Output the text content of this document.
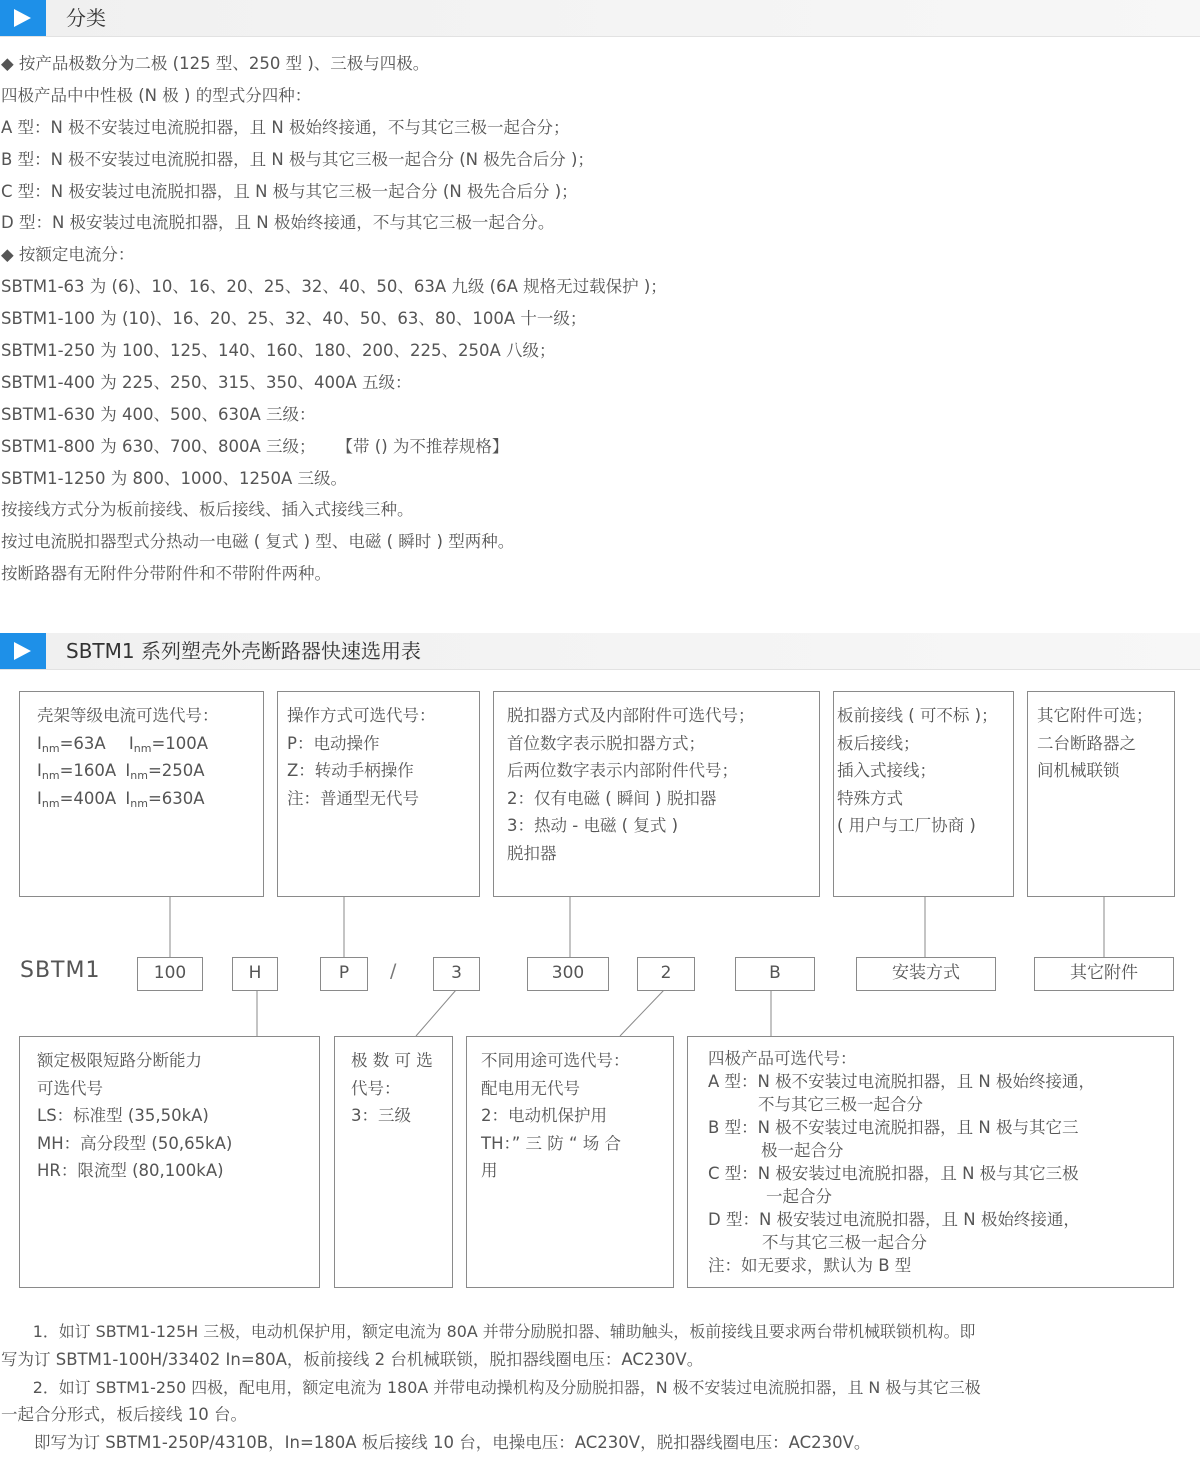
分类
◆ 按产品极数分为二极 (125 型、250 型 )、三极与四极。
四极产品中中性极 (N 极 ) 的型式分四种：
A 型：N 极不安装过电流脱扣器，且 N 极始终接通，不与其它三极一起合分；
B 型：N 极不安装过电流脱扣器，且 N 极与其它三极一起合分 (N 极先合后分 )；
C 型：N 极安装过电流脱扣器，且 N 极与其它三极一起合分 (N 极先合后分 )；
D 型：N 极安装过电流脱扣器，且 N 极始终接通，不与其它三极一起合分。
◆ 按额定电流分：
SBTM1-63 为 (6)、10、16、20、25、32、40、50、63A 九级 (6A 规格无过载保护 )；
SBTM1-100 为 (10)、16、20、25、32、40、50、63、80、100A 十一级；
SBTM1-250 为 100、125、140、160、180、200、225、250A 八级；
SBTM1-400 为 225、250、315、350、400A 五级：
SBTM1-630 为 400、500、630A 三级：
SBTM1-800 为 630、700、800A 三级；    【带 () 为不推荐规格】
SBTM1-1250 为 800、1000、1250A 三级。
按接线方式分为板前接线、板后接线、插入式接线三种。
按过电流脱扣器型式分热动一电磁 ( 复式 ) 型、电磁 ( 瞬时 ) 型两种。
按断路器有无附件分带附件和不带附件两种。
SBTM1 系列塑壳外壳断路器快速选用表
壳架等级电流可选代号：
$I_{nm}=63A$ $I_{nm}=100A$
$I_{nm}=160A$ $I_{nm}=250A$
$I_{nm}=400A$ $I_{nm}=630A$
操作方式可选代号：
P：电动操作
Z：转动手柄操作
注：普通型无代号
脱扣器方式及内部附件可选代号；
首位数字表示脱扣器方式；
后两位数字表示内部附件代号；
2：仅有电磁 ( 瞬间 ) 脱扣器
3：热动 - 电磁 ( 复式 )
脱扣器
板前接线 ( 可不标 )；
板后接线；
插入式接线；
特殊方式
( 用户与工厂协商 )
其它附件可选；
二台断路器之
间机械联锁
SBTM1	100	H	P	/	3	300	2	B	安装方式	其它附件
额定极限短路分断能力
可选代号
LS：标准型 (35,50kA)
MH：高分段型 (50,65kA)
HR：限流型 (80,100kA)
极 数 可 选
代号：
3：三级
不同用途可选代号：
配电用无代号
2：电动机保护用
TH：” 三 防 “ 场 合
用
四极产品可选代号：
A 型：N 极不安装过电流脱扣器，且 N 极始终接通，
不与其它三极一起合分
B 型：N 极不安装过电流脱扣器，且 N 极与其它三
极一起合分
C 型：N 极安装过电流脱扣器，且 N 极与其它三极
一起合分
D 型：N 极安装过电流脱扣器，且 N 极始终接通，
不与其它三极一起合分
注：如无要求，默认为 B 型
　　1．如订 SBTM1-125H 三极，电动机保护用，额定电流为 80A 并带分励脱扣器、辅助触头，板前接线且要求两台带机械联锁机构。即
写为订 SBTM1-100H/33402 In=80A，板前接线 2 台机械联锁，脱扣器线圈电压：AC230V。
　　2．如订 SBTM1-250 四极，配电用，额定电流为 180A 并带电动操机构及分励脱扣器，N 极不安装过电流脱扣器，且 N 极与其它三极
一起合分形式，板后接线 10 台。
　　即写为订 SBTM1-250P/4310B，In=180A 板后接线 10 台，电操电压：AC230V，脱扣器线圈电压：AC230V。
